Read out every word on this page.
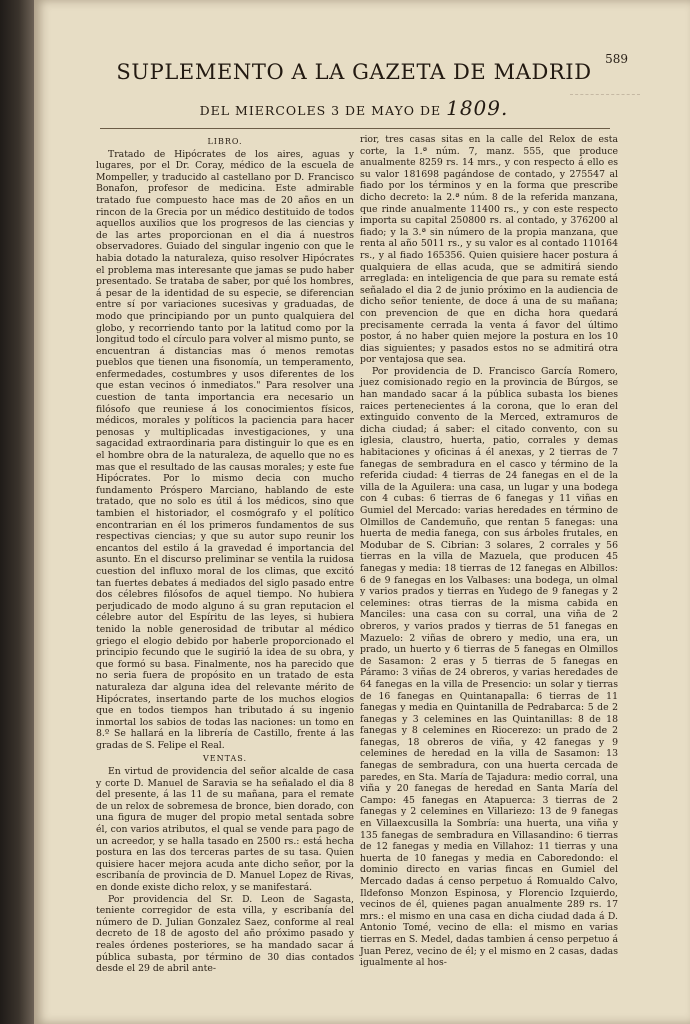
589
SUPLEMENTO A LA GAZETA DE MADRID
DEL MIERCOLES 3 DE MAYO DE 1809.

LIBRO.

Tratado de Hipócrates de los aires, aguas y lugares, por el Dr. Coray, médico de la escuela de Mompeller, y traducido al castellano por D. Francisco Bonafon, profesor de medicina. Este admirable tratado fue compuesto hace mas de 20 años en un rincon de la Grecia por un médico destituido de todos aquellos auxilios que los progresos de las ciencias y de las artes proporcionan en el dia á nuestros observadores. Guiado del singular ingenio con que le habia dotado la naturaleza, quiso resolver Hipócrates el problema mas interesante que jamas se pudo haber presentado. Se trataba de saber, por qué los hombres, á pesar de la identidad de su especie, se diferencian entre sí por variaciones sucesivas y graduadas, de modo que principiando por un punto qualquiera del globo, y recorriendo tanto por la latitud como por la longitud todo el círculo para volver al mismo punto, se encuentran á distancias mas ó menos remotas pueblos que tienen una fisonomía, un temperamento, enfermedades, costumbres y usos diferentes de los que estan vecinos ó inmediatos." Para resolver una cuestion de tanta importancia era necesario un filósofo que reuniese á los conocimientos físicos, médicos, morales y políticos la paciencia para hacer penosas y multiplicadas investigaciones, y una sagacidad extraordinaria para distinguir lo que es en el hombre obra de la naturaleza, de aquello que no es mas que el resultado de las causas morales; y este fue Hipócrates. Por lo mismo decia con mucho fundamento Próspero Marciano, hablando de este tratado, que no solo es útil á los médicos, sino que tambien el historiador, el cosmógrafo y el político encontrarian en él los primeros fundamentos de sus respectivas ciencias; y que su autor supo reunir los encantos del estilo á la gravedad é importancia del asunto. En el discurso preliminar se ventila la ruidosa cuestion del influxo moral de los climas, que excitó tan fuertes debates á mediados del siglo pasado entre dos célebres filósofos de aquel tiempo. No hubiera perjudicado de modo alguno á su gran reputacion el célebre autor del Espíritu de las leyes, si hubiera tenido la noble generosidad de tributar al médico griego el elogio debido por haberle proporcionado el principio fecundo que le sugirió la idea de su obra, y que formó su basa. Finalmente, nos ha parecido que no seria fuera de propósito en un tratado de esta naturaleza dar alguna idea del relevante mérito de Hipócrates, insertando parte de los muchos elogios que en todos tiempos han tributado á su ingenio inmortal los sabios de todas las naciones: un tomo en 8.º Se hallará en la librería de Castillo, frente á las gradas de S. Felipe el Real.

VENTAS.

En virtud de providencia del señor alcalde de casa y corte D. Manuel de Saravia se ha señalado el dia 8 del presente, á las 11 de su mañana, para el remate de un relox de sobremesa de bronce, bien dorado, con una figura de muger del propio metal sentada sobre él, con varios atributos, el qual se vende para pago de un acreedor, y se halla tasado en 2500 rs.: está hecha postura en las dos terceras partes de su tasa. Quien quisiere hacer mejora acuda ante dicho señor, por la escribanía de provincia de D. Manuel Lopez de Rivas, en donde existe dicho relox, y se manifestará.

Por providencia del Sr. D. Leon de Sagasta, teniente corregidor de esta villa, y escribanía del número de D. Julian Gonzalez Saez, conforme al real decreto de 18 de agosto del año próximo pasado y reales órdenes posteriores, se ha mandado sacar á pública subasta, por término de 30 dias contados desde el 29 de abril ante-

rior, tres casas sitas en la calle del Relox de esta corte, la 1.ª núm. 7, manz. 555, que produce anualmente 8259 rs. 14 mrs., y con respecto á ello es su valor 181698 pagándose de contado, y 275547 al fiado por los términos y en la forma que prescribe dicho decreto: la 2.ª núm. 8 de la referida manzana, que rinde anualmente 11400 rs., y con este respecto importa su capital 250800 rs. al contado, y 376200 al fiado; y la 3.ª sin número de la propia manzana, que renta al año 5011 rs., y su valor es al contado 110164 rs., y al fiado 165356. Quien quisiere hacer postura á qualquiera de ellas acuda, que se admitirá siendo arreglada: en inteligencia de que para su remate está señalado el dia 2 de junio próximo en la audiencia de dicho señor teniente, de doce á una de su mañana; con prevencion de que en dicha hora quedará precisamente cerrada la venta á favor del último postor, á no haber quien mejore la postura en los 10 dias siguientes; y pasados estos no se admitirá otra por ventajosa que sea.

Por providencia de D. Francisco García Romero, juez comisionado regio en la provincia de Búrgos, se han mandado sacar á la pública subasta los bienes raices pertenecientes á la corona, que lo eran del extinguido convento de la Merced, extramuros de dicha ciudad; á saber: el citado convento, con su iglesia, claustro, huerta, patio, corrales y demas habitaciones y oficinas á él anexas, y 2 tierras de 7 fanegas de sembradura en el casco y término de la referida ciudad: 4 tierras de 24 fanegas en el de la villa de la Aguilera: una casa, un lugar y una bodega con 4 cubas: 6 tierras de 6 fanegas y 11 viñas en Gumiel del Mercado: varias heredades en término de Olmillos de Candemuño, que rentan 5 fanegas: una huerta de media fanega, con sus árboles frutales, en Modubar de S. Cibrian: 3 solares, 2 corrales y 56 tierras en la villa de Mazuela, que producen 45 fanegas y media: 18 tierras de 12 fanegas en Albillos: 6 de 9 fanegas en los Valbases: una bodega, un olmal y varios prados y tierras en Yudego de 9 fanegas y 2 celemines: otras tierras de la misma cabida en Manciles: una casa con su corral, una viña de 2 obreros, y varios prados y tierras de 51 fanegas en Mazuelo: 2 viñas de obrero y medio, una era, un prado, un huerto y 6 tierras de 5 fanegas en Olmillos de Sasamon: 2 eras y 5 tierras de 5 fanegas en Páramo: 3 viñas de 24 obreros, y varias heredades de 64 fanegas en la villa de Presencio: un solar y tierras de 16 fanegas en Quintanapalla: 6 tierras de 11 fanegas y media en Quintanilla de Pedrabarca: 5 de 2 fanegas y 3 celemines en las Quintanillas: 8 de 18 fanegas y 8 celemines en Riocerezo: un prado de 2 fanegas, 18 obreros de viña, y 42 fanegas y 9 celemines de heredad en la villa de Sasamon: 13 fanegas de sembradura, con una huerta cercada de paredes, en Sta. María de Tajadura: medio corral, una viña y 20 fanegas de heredad en Santa María del Campo: 45 fanegas en Atapuerca: 3 tierras de 2 fanegas y 2 celemines en Villariezo: 13 de 9 fanegas en Villaexcusilla la Sombría: una huerta, una viña y 135 fanegas de sembradura en Villasandino: 6 tierras de 12 fanegas y media en Villahoz: 11 tierras y una huerta de 10 fanegas y media en Caboredondo: el dominio directo en varias fincas en Gumiel del Mercado dadas á censo perpetuo á Romualdo Calvo, Ildefonso Monzon Espinosa, y Florencio Izquierdo, vecinos de él, quienes pagan anualmente 289 rs. 17 mrs.: el mismo en una casa en dicha ciudad dada á D. Antonio Tomé, vecino de ella: el mismo en varias tierras en S. Medel, dadas tambien á censo perpetuo á Juan Perez, vecino de él; y el mismo en 2 casas, dadas igualmente al hos-
